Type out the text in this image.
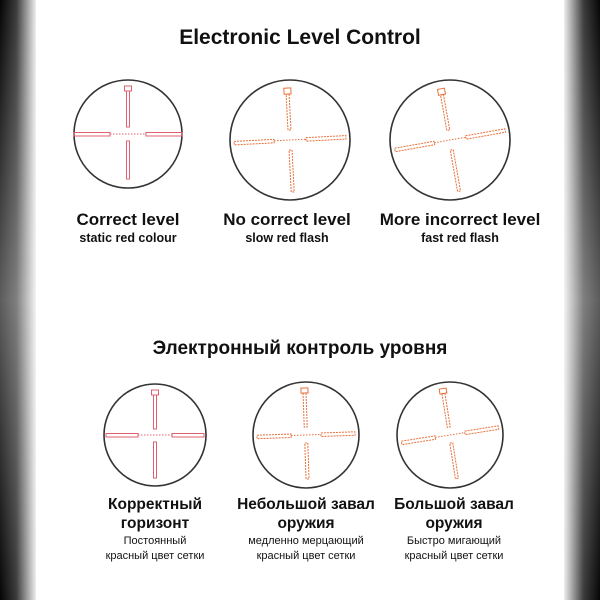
Electronic Level Control
Correct level
static red colour
No correct level
slow red flash
More incorrect level
fast red flash
Электронный контроль уровня
Корректный
горизонт
Постоянный
красный цвет сетки
Небольшой завал
оружия
медленно мерцающий
красный цвет сетки
Большой завал
оружия
Быстро мигающий
красный цвет сетки
